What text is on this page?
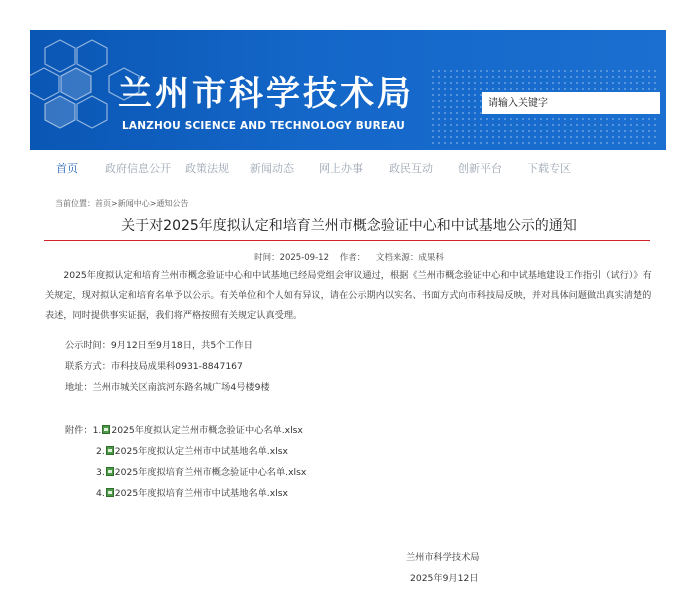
兰州市科学技术局
LANZHOU SCIENCE AND TECHNOLOGY BUREAU
请输入关键字
首页 政府信息公开 政策法规 新闻动态 网上办事 政民互动 创新平台 下载专区
当前位置：首页>新闻中心>通知公告
关于对2025年度拟认定和培育兰州市概念验证中心和中试基地公示的通知
时间：2025-09-12 作者： 文档来源：成果科
2025年度拟认定和培育兰州市概念验证中心和中试基地已经局党组会审议通过，根据《兰州市概念验证中心和中试基地建设工作指引（试行）》有关规定，现对拟认定和培育名单予以公示。有关单位和个人如有异议，请在公示期内以实名、书面方式向市科技局反映，并对具体问题做出真实清楚的表述，同时提供事实证据，我们将严格按照有关规定认真受理。
公示时间：9月12日至9月18日，共5个工作日
联系方式：市科技局成果科0931-8847167
地址：兰州市城关区南滨河东路名城广场4号楼9楼
附件：1. 2025年度拟认定兰州市概念验证中心名单.xlsx
2. 2025年度拟认定兰州市中试基地名单.xlsx
3. 2025年度拟培育兰州市概念验证中心名单.xlsx
4. 2025年度拟培育兰州市中试基地名单.xlsx
兰州市科学技术局
2025年9月12日
